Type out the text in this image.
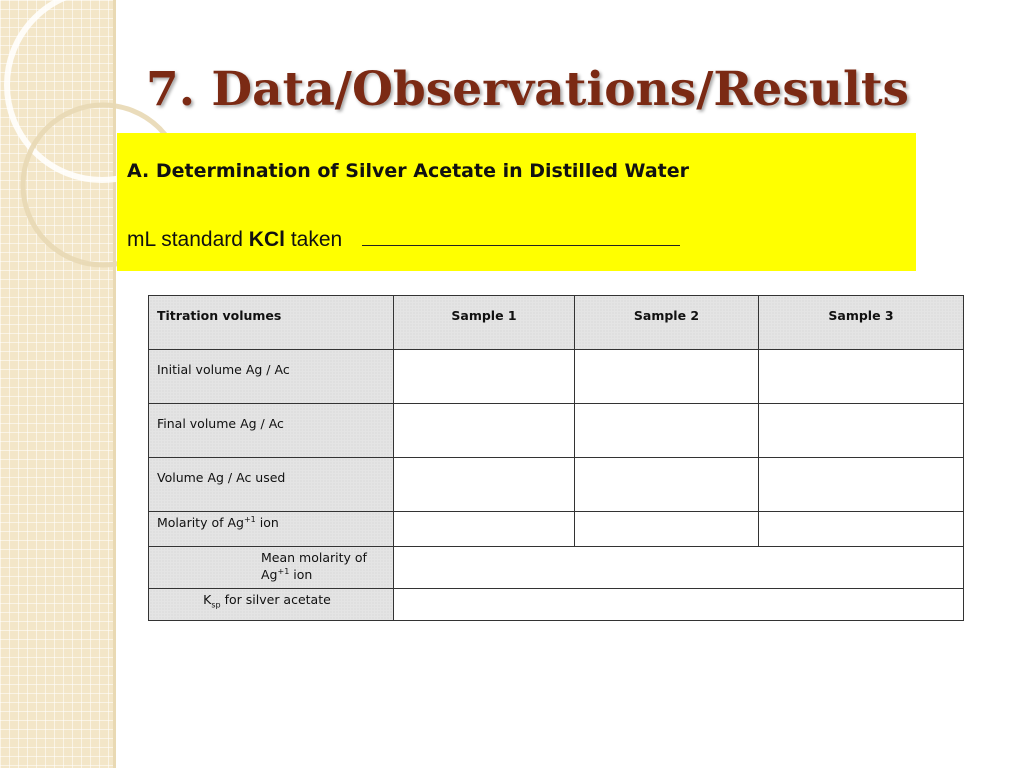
7. Data/Observations/Results
A. Determination of Silver Acetate in Distilled Water
mL standard KCl taken
Titration volumes	Sample 1	Sample 2	Sample 3

Initial volume Ag / Ac			

Final volume Ag / Ac			

Volume Ag / Ac used			

Molarity of $Ag^{+1}$ ion			

Mean molarity of
$Ag^{+1}$ ion			

$K_{sp}$ for silver acetate			
